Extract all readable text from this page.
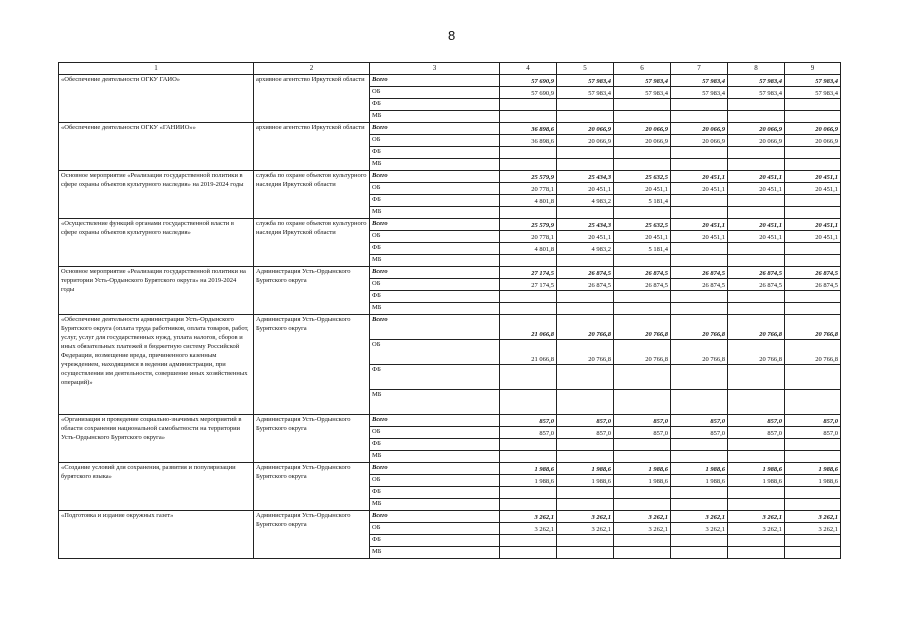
8
1	2	3	4	5	6	7	8	9
«Обеспечение деятельности ОГКУ ГАИО»	архивное агентство Иркутской области	Всего	57 690,9	57 983,4	57 983,4	57 983,4	57 983,4	57 983,4
		ОБ	57 690,9	57 983,4	57 983,4	57 983,4	57 983,4	57 983,4
		ФБ						
		МБ						
«Обеспечение деятельности ОГКУ «ГАНИИО»»	архивное агентство Иркутской области	Всего	36 898,6	20 066,9	20 066,9	20 066,9	20 066,9	20 066,9
		ОБ	36 898,6	20 066,9	20 066,9	20 066,9	20 066,9	20 066,9
		ФБ						
		МБ						
Основное мероприятие «Реализация государственной политики в сфере охраны объектов культурного наследия» на 2019-2024 годы	служба по охране объектов культурного наследия Иркутской области	Всего	25 579,9	25 434,3	25 632,5	20 451,1	20 451,1	20 451,1
		ОБ	20 778,1	20 451,1	20 451,1	20 451,1	20 451,1	20 451,1
		ФБ	4 801,8	4 983,2	5 181,4			
		МБ						
«Осуществление функций органами государственной власти в сфере охраны объектов культурного наследия»	служба по охране объектов культурного наследия Иркутской области	Всего	25 579,9	25 434,3	25 632,5	20 451,1	20 451,1	20 451,1
		ОБ	20 778,1	20 451,1	20 451,1	20 451,1	20 451,1	20 451,1
		ФБ	4 801,8	4 983,2	5 181,4			
		МБ						
Основное мероприятие «Реализация государственной политики на территории Усть-Ордынского Бурятского округа» на 2019-2024 годы	Администрация Усть-Ордынского Бурятского округа	Всего	27 174,5	26 874,5	26 874,5	26 874,5	26 874,5	26 874,5
		ОБ	27 174,5	26 874,5	26 874,5	26 874,5	26 874,5	26 874,5
		ФБ						
		МБ						
«Обеспечение деятельности администрации Усть-Ордынского Бурятского округа (оплата труда работников, оплата товаров, работ, услуг, услуг для государственных нужд, уплата налогов, сборов и иных обязательных платежей в бюджетную систему Российской Федерации, возмещение вреда, причиненного казенным учреждением, находящимся в ведении администрации, при осуществлении им деятельности, совершение иных хозяйственных операций)»	Администрация Усть-Ордынского Бурятского округа	Всего	21 066,8	20 766,8	20 766,8	20 766,8	20 766,8	20 766,8
		ОБ	21 066,8	20 766,8	20 766,8	20 766,8	20 766,8	20 766,8
		ФБ						
		МБ						
«Организация и проведение социально-значимых мероприятий в области сохранения национальной самобытности на территории Усть-Ордынского Бурятского округа»	Администрация Усть-Ордынского Бурятского округа	Всего	857,0	857,0	857,0	857,0	857,0	857,0
		ОБ	857,0	857,0	857,0	857,0	857,0	857,0
		ФБ						
		МБ						
«Создание условий для сохранения, развития и популяризации бурятского языка»	Администрация Усть-Ордынского Бурятского округа	Всего	1 988,6	1 988,6	1 988,6	1 988,6	1 988,6	1 988,6
		ОБ	1 988,6	1 988,6	1 988,6	1 988,6	1 988,6	1 988,6
		ФБ						
		МБ						
«Подготовка и издание окружных газет»	Администрация Усть-Ордынского Бурятского округа	Всего	3 262,1	3 262,1	3 262,1	3 262,1	3 262,1	3 262,1
		ОБ	3 262,1	3 262,1	3 262,1	3 262,1	3 262,1	3 262,1
		ФБ						
		МБ						
